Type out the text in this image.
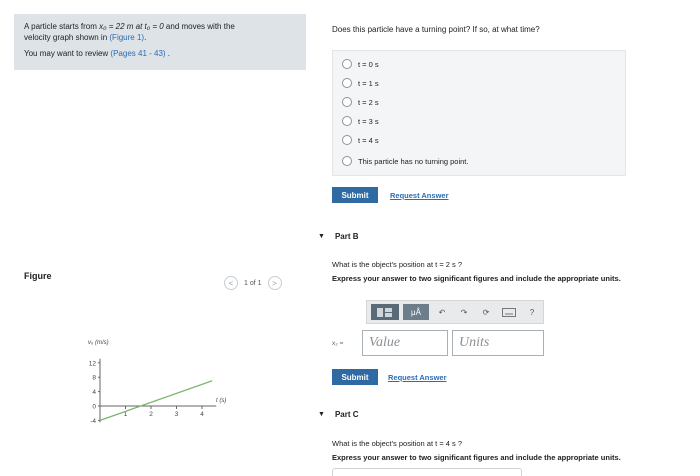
A particle starts from x₀ = 22 m at t₀ = 0 and moves with the
velocity graph shown in (Figure 1).
You may want to review (Pages 41 - 43) .
Does this particle have a turning point? If so, at what time?
t = 0 s
t = 1 s
t = 2 s
t = 3 s
t = 4 s
This particle has no turning point.
Submit	Request Answer
▼ Part B
What is the object's position at t = 2 s ?
Express your answer to two significant figures and include the appropriate units.
μÅ	↶	↷	⟳	?
x₂ =	Value	Units
Submit	Request Answer
▼ Part C
What is the object's position at t = 4 s ?
Express your answer to two significant figures and include the appropriate units.
Figure
<	1 of 1	>
12
8
4
0
-4
1	2	3	4
vₓ (m/s)
t (s)
